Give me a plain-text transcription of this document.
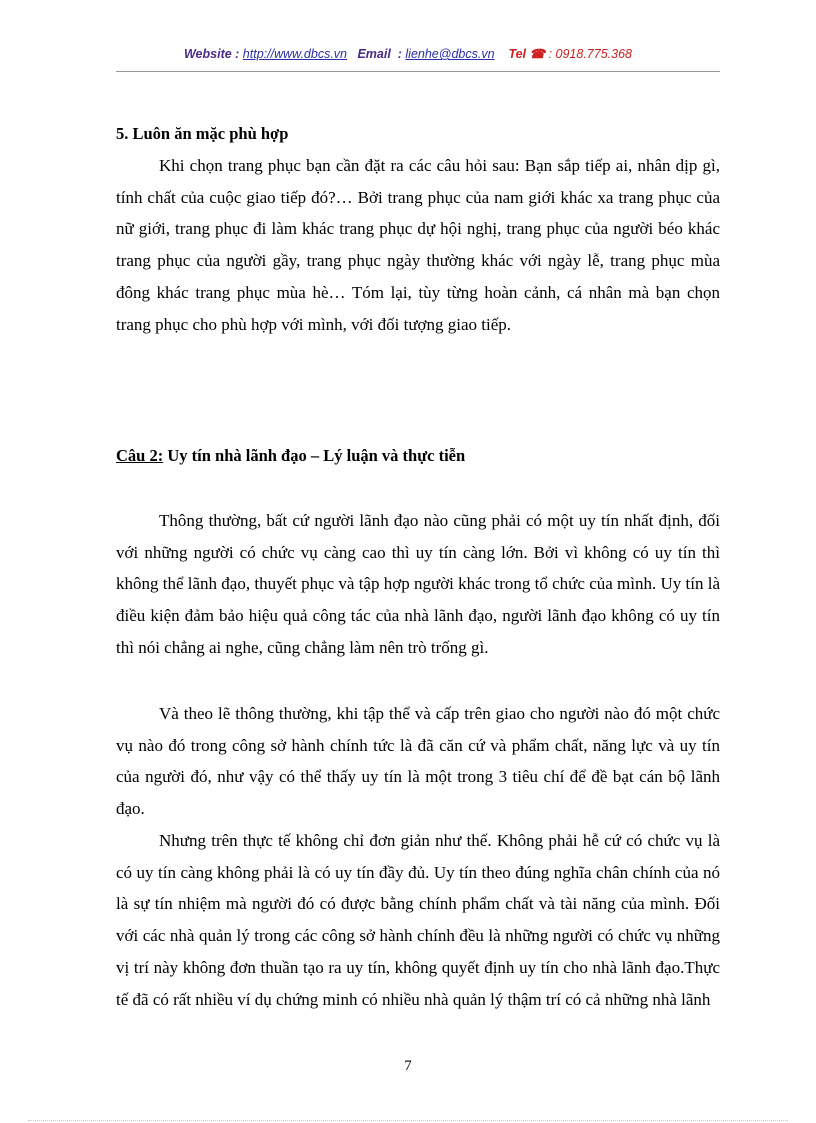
Website : http://www.dbcs.vn Email  : lienhe@dbcs.vn Tel ☎ : 0918.775.368
5. Luôn ăn mặc phù hợp

Khi chọn trang phục bạn cần đặt ra các câu hỏi sau: Bạn sắp tiếp ai, nhân dịp gì, tính chất của cuộc giao tiếp đó?… Bởi trang phục của nam giới khác xa trang phục của nữ giới, trang phục đi làm khác trang phục dự hội nghị, trang phục của người béo khác trang phục của người gầy, trang phục ngày thường khác với ngày lễ, trang phục mùa đông khác trang phục mùa hè… Tóm lại, tùy từng hoàn cảnh, cá nhân mà bạn chọn trang phục cho phù hợp với mình, với đối tượng giao tiếp.

Câu 2: Uy tín nhà lãnh đạo – Lý luận và thực tiễn

Thông thường, bất cứ người lãnh đạo nào cũng phải có một uy tín nhất định, đối với những người có chức vụ càng cao thì uy tín càng lớn. Bởi vì không có uy tín thì không thể lãnh đạo, thuyết phục và tập hợp người khác trong tổ chức của mình. Uy tín là điều kiện đảm bảo hiệu quả công tác của nhà lãnh đạo, người lãnh đạo không có uy tín thì nói chẳng ai nghe, cũng chẳng làm nên trò trống gì.

Và theo lẽ thông thường, khi tập thể và cấp trên giao cho người nào đó một chức vụ nào đó trong công sở hành chính tức là đã căn cứ và phẩm chất, năng lực và uy tín của người đó, như vậy có thể thấy uy tín là một trong 3 tiêu chí để đề bạt cán bộ lãnh đạo.

Nhưng trên thực tế không chỉ đơn giản như thế. Không phải hễ cứ có chức vụ là có uy tín càng không phải là có uy tín đầy đủ. Uy tín theo đúng nghĩa chân chính của nó là sự tín nhiệm mà người đó có được bằng chính phẩm chất và tài năng của mình. Đối với các nhà quản lý trong các công sở hành chính đều là những người có chức vụ những vị trí này không đơn thuần tạo ra uy tín, không quyết định uy tín cho nhà lãnh đạo.Thực tế đã có rất nhiều ví dụ chứng minh có nhiều nhà quản lý thậm trí có cả những nhà lãnh

7
